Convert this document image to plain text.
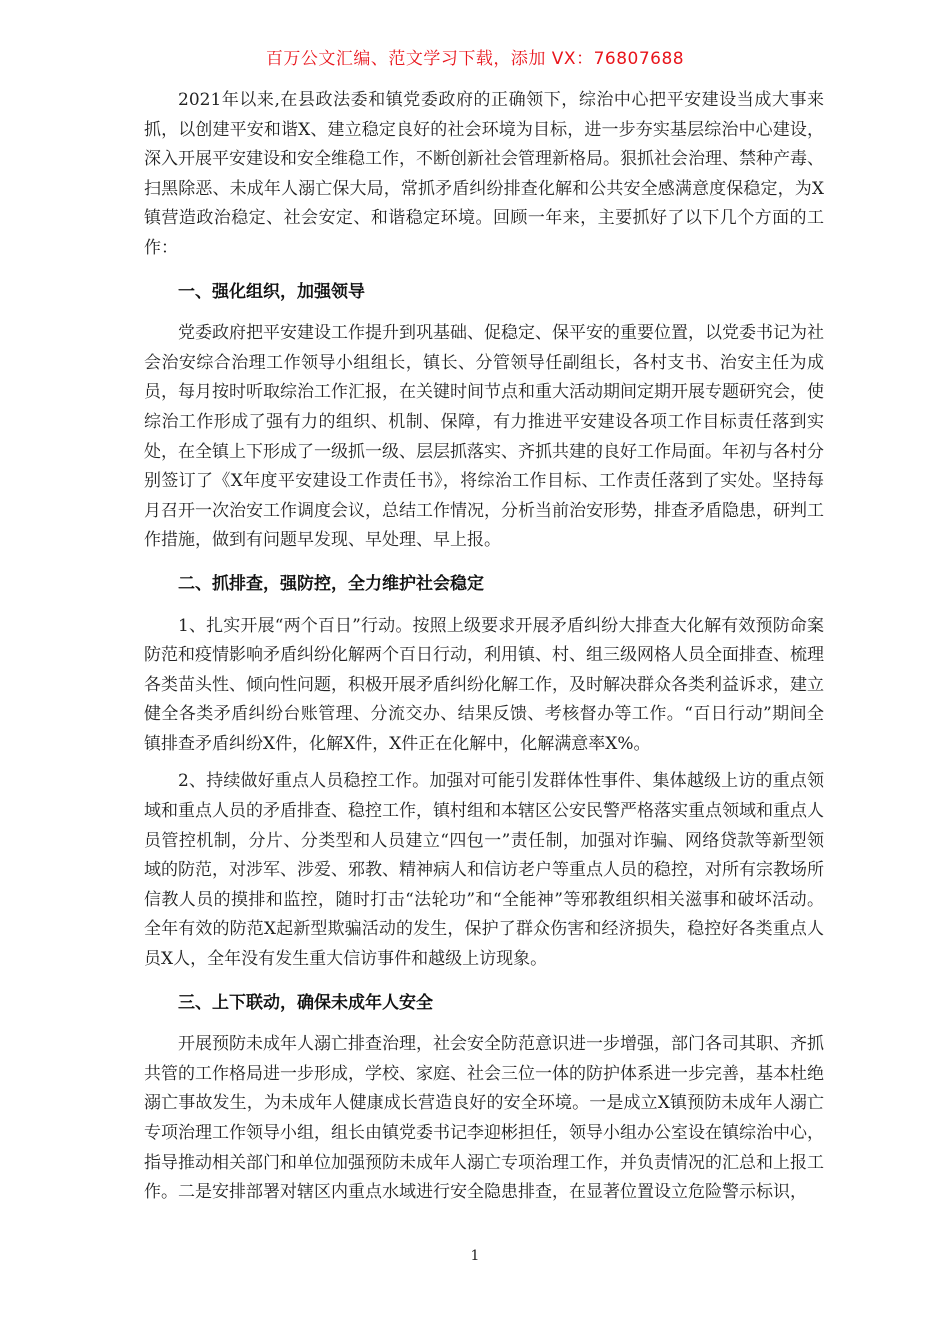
百万公文汇编、范文学习下载，添加 VX：76807688

2021年以来,在县政法委和镇党委政府的正确领下，综治中心把平安建设当成大事来抓，以创建平安和谐X、建立稳定良好的社会环境为目标，进一步夯实基层综治中心建设，深入开展平安建设和安全维稳工作，不断创新社会管理新格局。狠抓社会治理、禁种产毒、扫黑除恶、未成年人溺亡保大局，常抓矛盾纠纷排查化解和公共安全感满意度保稳定，为X镇营造政治稳定、社会安定、和谐稳定环境。回顾一年来，主要抓好了以下几个方面的工作：

一、强化组织，加强领导

党委政府把平安建设工作提升到巩基础、促稳定、保平安的重要位置，以党委书记为社会治安综合治理工作领导小组组长，镇长、分管领导任副组长，各村支书、治安主任为成员，每月按时听取综治工作汇报，在关键时间节点和重大活动期间定期开展专题研究会，使综治工作形成了强有力的组织、机制、保障，有力推进平安建设各项工作目标责任落到实处，在全镇上下形成了一级抓一级、层层抓落实、齐抓共建的良好工作局面。年初与各村分别签订了《X年度平安建设工作责任书》，将综治工作目标、工作责任落到了实处。坚持每月召开一次治安工作调度会议，总结工作情况，分析当前治安形势，排查矛盾隐患，研判工作措施，做到有问题早发现、早处理、早上报。

二、抓排查，强防控，全力维护社会稳定

1、扎实开展“两个百日”行动。按照上级要求开展矛盾纠纷大排查大化解有效预防命案防范和疫情影响矛盾纠纷化解两个百日行动，利用镇、村、组三级网格人员全面排查、梳理各类苗头性、倾向性问题，积极开展矛盾纠纷化解工作，及时解决群众各类利益诉求，建立健全各类矛盾纠纷台账管理、分流交办、结果反馈、考核督办等工作。“百日行动”期间全镇排查矛盾纠纷X件，化解X件，X件正在化解中，化解满意率X%。

2、持续做好重点人员稳控工作。加强对可能引发群体性事件、集体越级上访的重点领域和重点人员的矛盾排查、稳控工作，镇村组和本辖区公安民警严格落实重点领域和重点人员管控机制，分片、分类型和人员建立“四包一”责任制，加强对诈骗、网络贷款等新型领域的防范，对涉军、涉爱、邪教、精神病人和信访老户等重点人员的稳控，对所有宗教场所信教人员的摸排和监控，随时打击“法轮功”和“全能神”等邪教组织相关滋事和破坏活动。全年有效的防范X起新型欺骗活动的发生，保护了群众伤害和经济损失，稳控好各类重点人员X人，全年没有发生重大信访事件和越级上访现象。

三、上下联动，确保未成年人安全

开展预防未成年人溺亡排查治理，社会安全防范意识进一步增强，部门各司其职、齐抓共管的工作格局进一步形成，学校、家庭、社会三位一体的防护体系进一步完善，基本杜绝溺亡事故发生，为未成年人健康成长营造良好的安全环境。一是成立X镇预防未成年人溺亡专项治理工作领导小组，组长由镇党委书记李迎彬担任，领导小组办公室设在镇综治中心，指导推动相关部门和单位加强预防未成年人溺亡专项治理工作，并负责情况的汇总和上报工作。二是安排部署对辖区内重点水域进行安全隐患排查，在显著位置设立危险警示标识，

1
